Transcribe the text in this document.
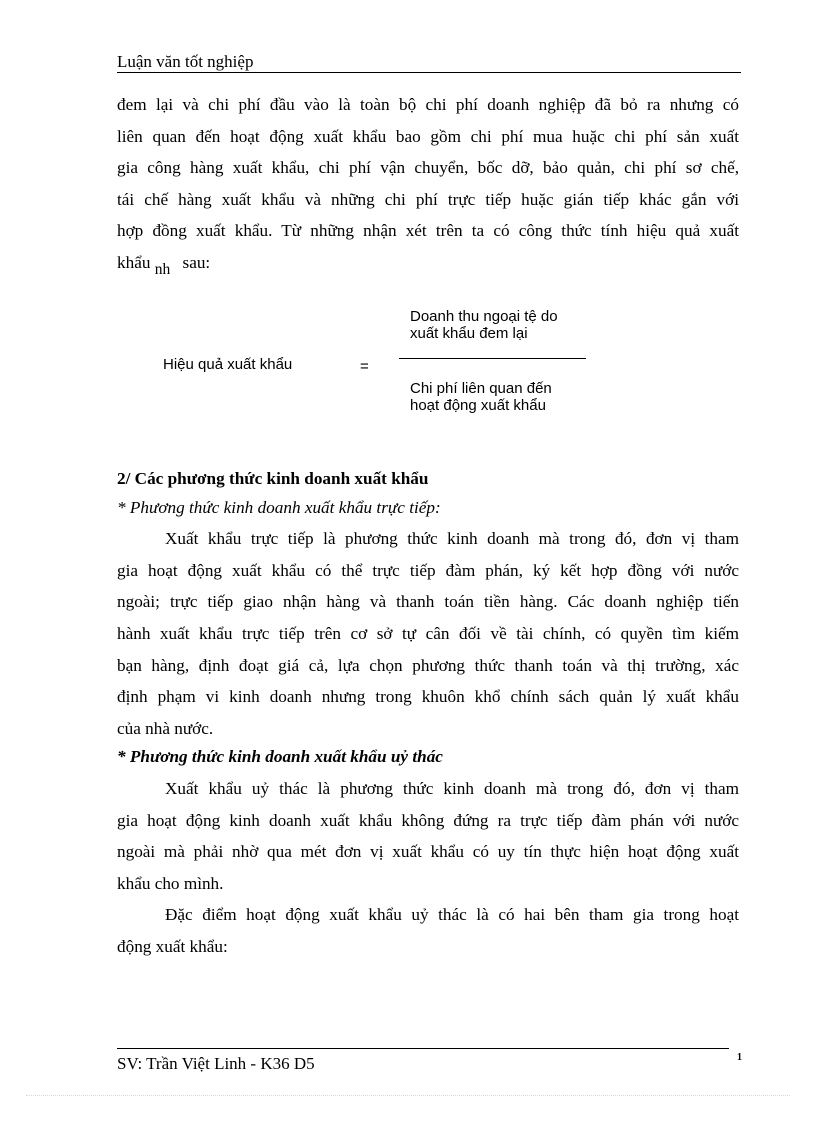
Luận văn tốt nghiệp
đem lại và chi phí đầu vào là toàn bộ chi phí doanh nghiệp đã bỏ ra nhưng có
liên quan đến hoạt động xuất khẩu bao gồm chi phí mua huặc chi phí sản xuất
gia công hàng xuất khẩu, chi phí vận chuyển, bốc dỡ, bảo quản, chi phí sơ chế,
tái chế hàng xuất khẩu và những chi phí trực tiếp huặc gián tiếp khác gắn với
hợp đồng xuất khẩu. Từ những nhận xét trên ta có công thức tính hiệu quả xuất
khẩu nh sau:
Hiệu quả xuất khẩu	=
Doanh thu ngoại tệ do
xuất khẩu đem lại
Chi phí liên quan đến
hoạt động xuất khẩu
2/ Các phương thức kinh doanh xuất khẩu
* Phương thức kinh doanh xuất khẩu trực tiếp:
Xuất khẩu trực tiếp là phương thức kinh doanh mà trong đó, đơn vị tham
gia hoạt động xuất khẩu có thể trực tiếp đàm phán, ký kết hợp đồng với nước
ngoài; trực tiếp giao nhận hàng và thanh toán tiền hàng. Các doanh nghiệp tiến
hành xuất khẩu trực tiếp trên cơ sở tự cân đối về tài chính, có quyền tìm kiếm
bạn hàng, định đoạt giá cả, lựa chọn phương thức thanh toán và thị trường, xác
định phạm vi kinh doanh nhưng trong khuôn khổ chính sách quản lý xuất khẩu
của nhà nước.
* Phương thức kinh doanh xuất khẩu uỷ thác
Xuất khẩu uỷ thác là phương thức kinh doanh mà trong đó, đơn vị tham
gia hoạt động kinh doanh xuất khẩu không đứng ra trực tiếp đàm phán với nước
ngoài mà phải nhờ qua mét đơn vị xuất khẩu có uy tín thực hiện hoạt động xuất
khẩu cho mình.
Đặc điểm hoạt động xuất khẩu uỷ thác là có hai bên tham gia trong hoạt
động xuất khẩu:
SV: Trần Việt Linh - K36 D5	1
